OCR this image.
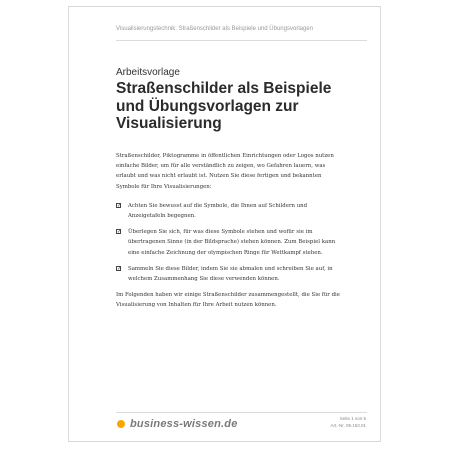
Visualisierungstechnik: Straßenschilder als Beispiele und Übungsvorlagen
Arbeitsvorlage
Straßenschilder als Beispiele und Übungsvorlagen zur Visualisierung

Straßenschilder, Piktogramme in öffentlichen Einrichtungen oder Logos nutzen einfache Bilder, um für alle verständlich zu zeigen, wo Gefahren lauern, was erlaubt und was nicht erlaubt ist. Nutzen Sie diese fertigen und bekannten Symbole für Ihre Visualisierungen:

✓ Achten Sie bewusst auf die Symbole, die Ihnen auf Schildern und Anzeigetafeln begegnen.
✓ Überlegen Sie sich, für was diese Symbole stehen und wofür sie im übertragenen Sinne (in der Bildsprache) stehen können. Zum Beispiel kann eine einfache Zeichnung der olympischen Ringe für Wettkampf stehen.
✓ Sammeln Sie diese Bilder, indem Sie sie abmalen und schreiben Sie auf, in welchem Zusammenhang Sie diese verwenden können.

Im Folgenden haben wir einige Straßenschilder zusammengestellt, die Sie für die Visualisierung von Inhalten für Ihre Arbeit nutzen können.

business-wissen.de	Seite 1 von 5
Art.-Nr. 09.153.01
